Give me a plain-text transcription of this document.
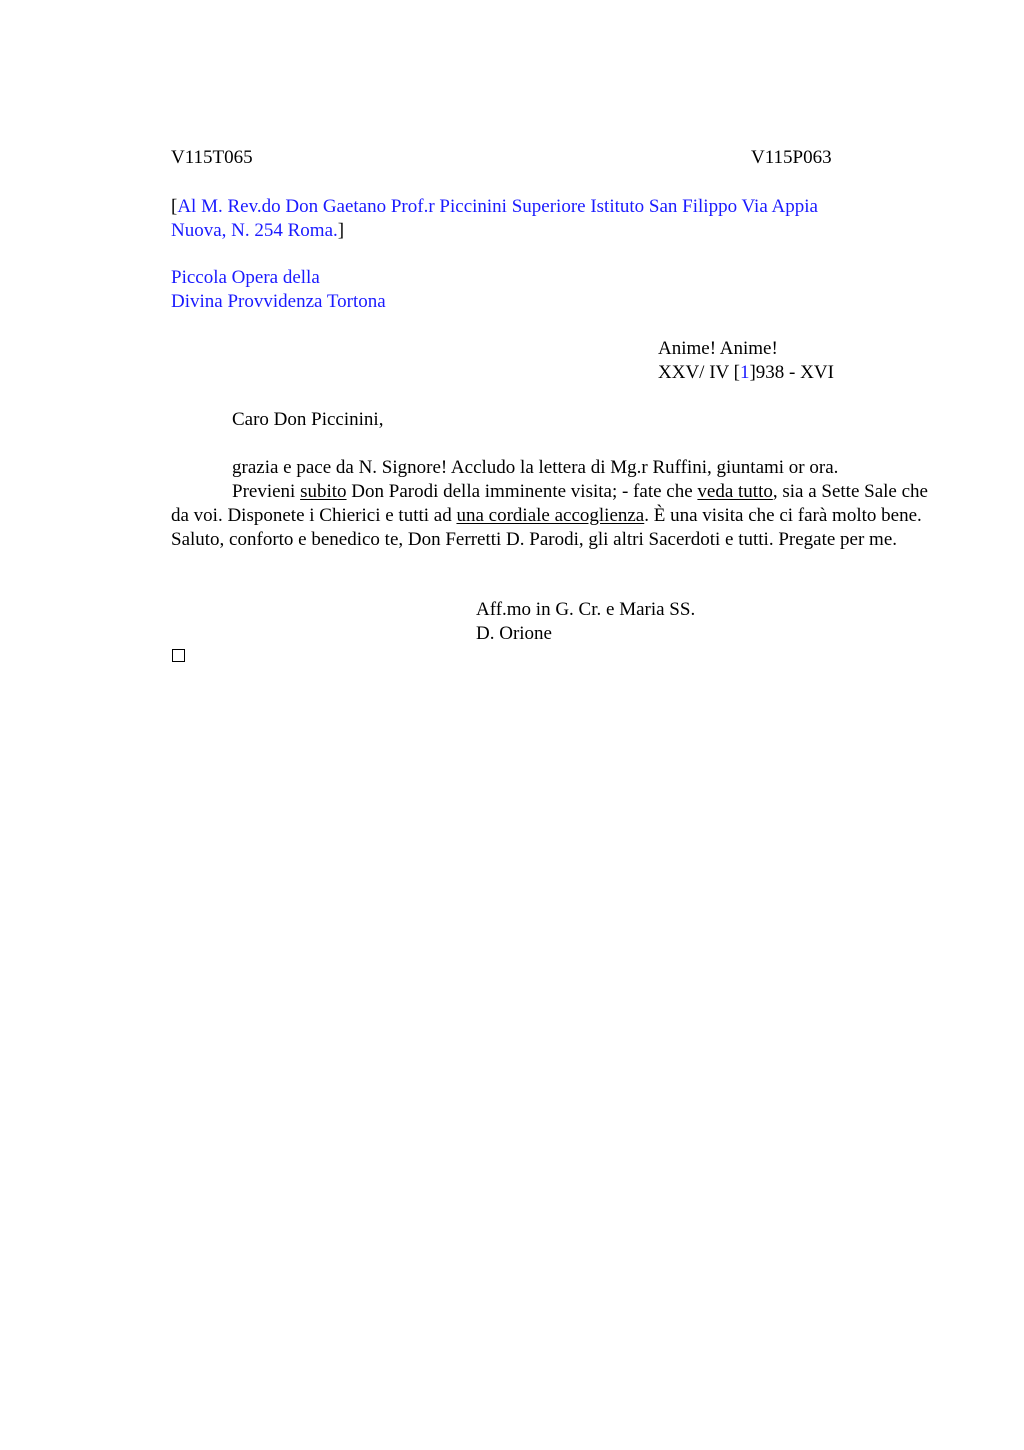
V115T065	V115P063
[Al M. Rev.do Don Gaetano Prof.r Piccinini Superiore Istituto San Filippo Via Appia
Nuova, N. 254 Roma.]
Piccola Opera della
Divina Provvidenza Tortona
Anime! Anime!
XXV/ IV [1]938 - XVI
Caro Don Piccinini,
grazia e pace da N. Signore! Accludo la lettera di Mg.r Ruffini, giuntami or ora.
Previeni subito Don Parodi della imminente visita; - fate che veda tutto, sia a Sette Sale che da voi. Disponete i Chierici e tutti ad una cordiale accoglienza. È una visita che ci farà molto bene. Saluto, conforto e benedico te, Don Ferretti D. Parodi, gli altri Sacerdoti e tutti. Pregate per me.
Aff.mo in G. Cr. e Maria SS.
D. Orione
